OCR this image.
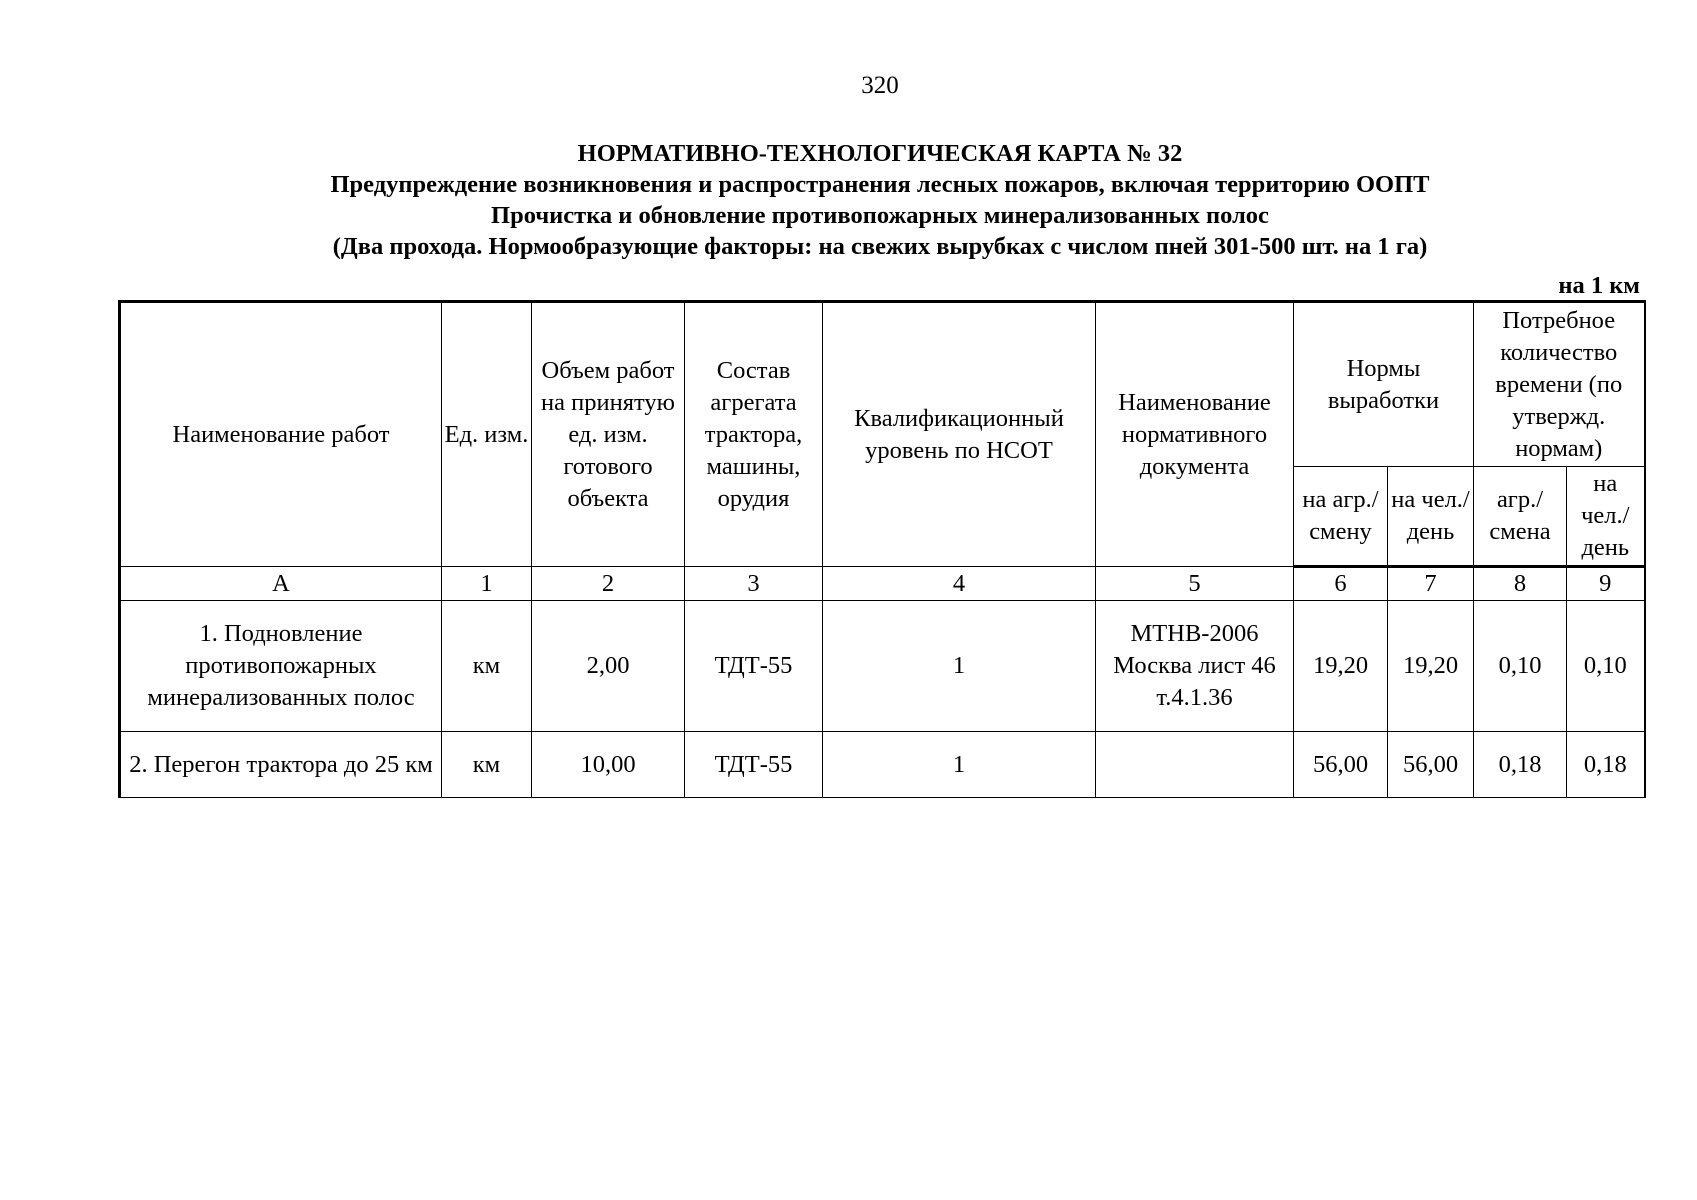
320
НОРМАТИВНО-ТЕХНОЛОГИЧЕСКАЯ КАРТА № 32
Предупреждение возникновения и распространения лесных пожаров, включая территорию ООПТ
Прочистка и обновление противопожарных минерализованных полос
(Два прохода. Нормообразующие факторы: на свежих вырубках с числом пней 301-500 шт. на 1 га)
на 1 км
Наименование работ	Ед. изм.	Объем работ на принятую ед. изм. готового объекта	Состав агрегата трактора, машины, орудия	Квалификационный уровень по НСОТ	Наименование нормативного документа	Нормы выработки		Потребное количество времени (по утвержд. нормам)	
						на агр./ смену	на чел./ день	агр./ смена	на чел./ день
А	1	2	3	4	5	6	7	8	9
1. Подновление противопожарных минерализованных полос	км	2,00	ТДТ-55	1	МТНВ-2006 Москва лист 46 т.4.1.36	19,20	19,20	0,10	0,10
2. Перегон трактора до 25 км	км	10,00	ТДТ-55	1		56,00	56,00	0,18	0,18
